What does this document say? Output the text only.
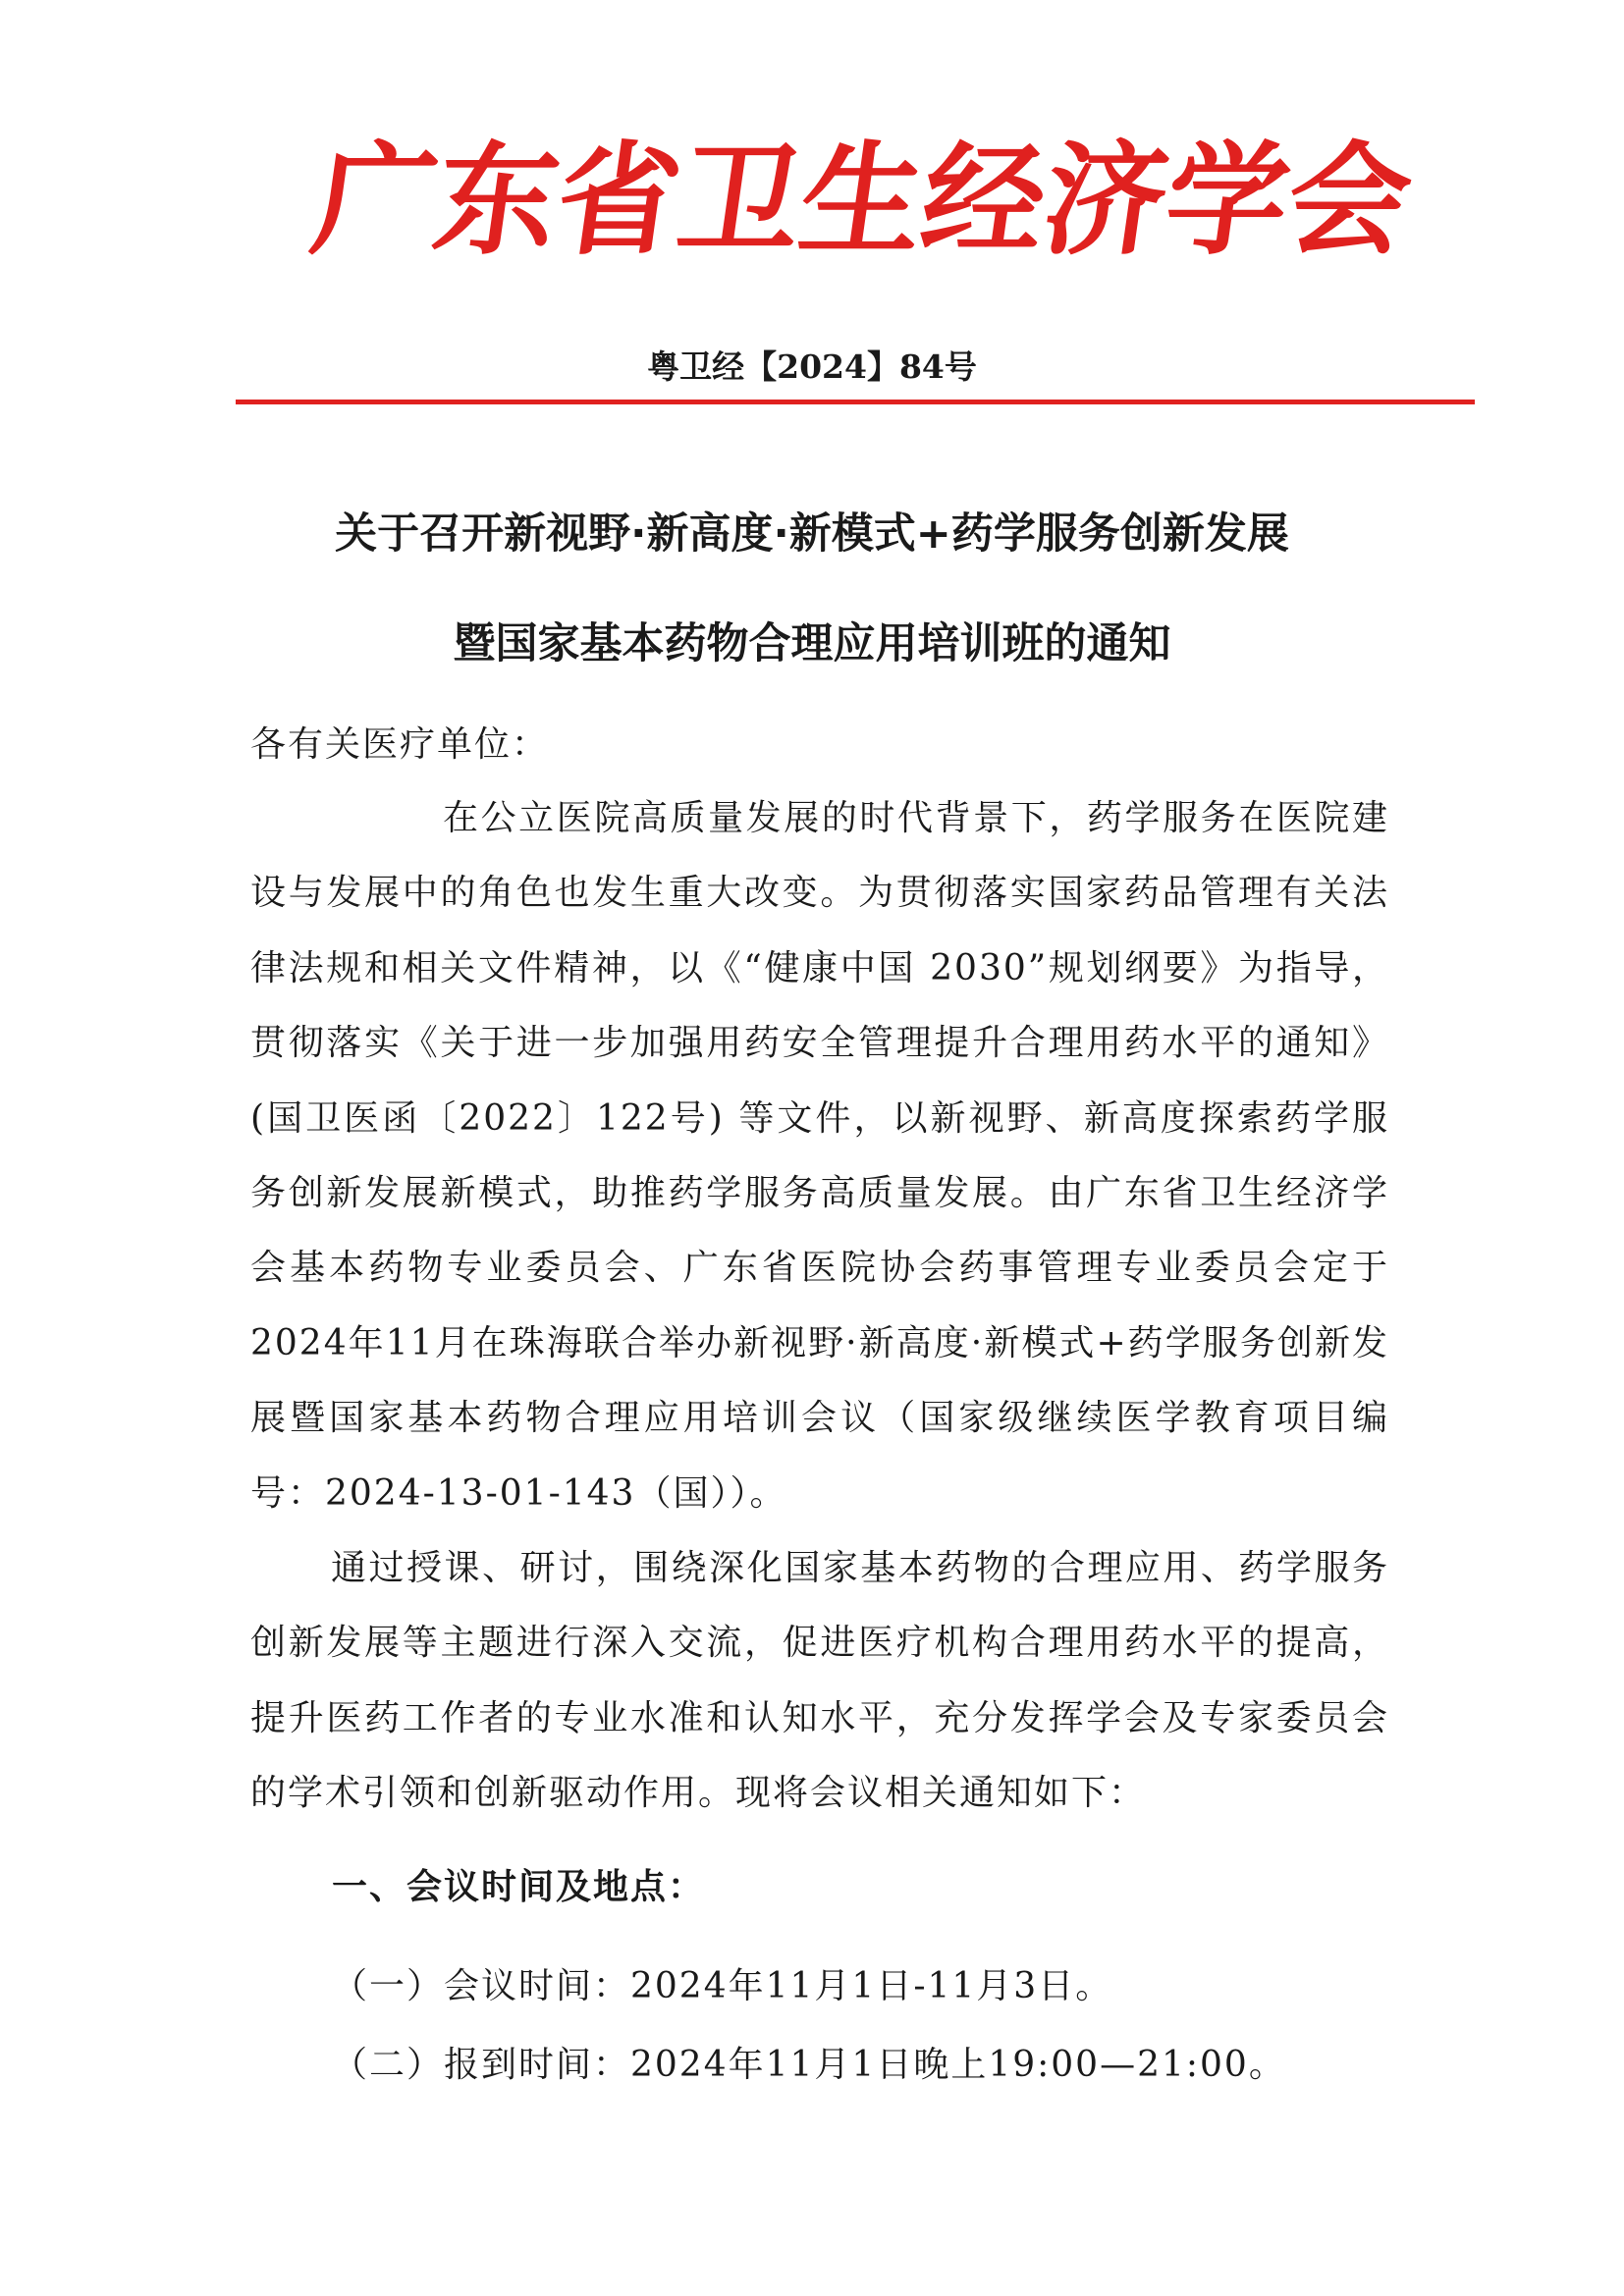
广
东
省
卫
生
经
济
学
会
粤卫经【2024】84号
关于召开新视野·新高度·新模式+药学服务创新发展
暨国家基本药物合理应用培训班的通知
各有关医疗单位：
在公立医院高质量发展的时代背景下，药学服务在医院建设与发展中的角色也发生重大改变。为贯彻落实国家药品管理有关法律法规和相关文件精神，以《“健康中国 2030”规划纲要》为指导，贯彻落实《关于进一步加强用药安全管理提升合理用药水平的通知》(国卫医函〔2022〕122号) 等文件，以新视野、新高度探索药学服务创新发展新模式，助推药学服务高质量发展。由广东省卫生经济学会基本药物专业委员会、广东省医院协会药事管理专业委员会定于2024年11月在珠海联合举办新视野·新高度·新模式+药学服务创新发展暨国家基本药物合理应用培训会议（国家级继续医学教育项目编号：2024-13-01-143（国））。
通过授课、研讨，围绕深化国家基本药物的合理应用、药学服务创新发展等主题进行深入交流，促进医疗机构合理用药水平的提高，提升医药工作者的专业水准和认知水平，充分发挥学会及专家委员会的学术引领和创新驱动作用。现将会议相关通知如下：
一、会议时间及地点：
（一）会议时间：2024年11月1日-11月3日。
（二）报到时间：2024年11月1日晚上19:00—21:00。
